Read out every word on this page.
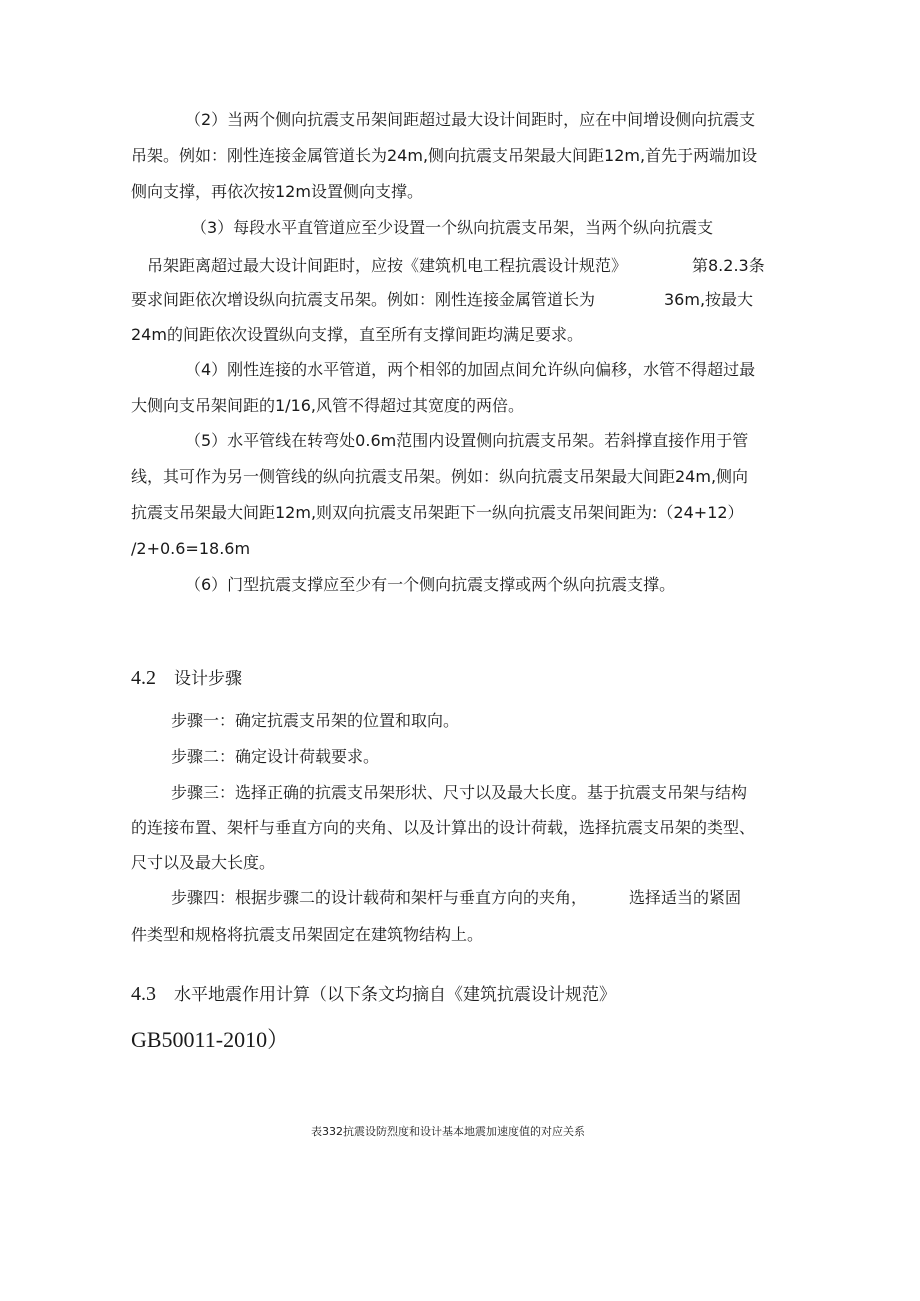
（2）当两个侧向抗震支吊架间距超过最大设计间距时，应在中间增设侧向抗震支
吊架。例如：刚性连接金属管道长为24m,侧向抗震支吊架最大间距12m,首先于两端加设
侧向支撑，再依次按12m设置侧向支撑。
（3）每段水平直管道应至少设置一个纵向抗震支吊架，当两个纵向抗震支
吊架距离超过最大设计间距时，应按《建筑机电工程抗震设计规范》	第8.2.3条
要求间距依次增设纵向抗震支吊架。例如：刚性连接金属管道长为	36m,按最大
24m的间距依次设置纵向支撑，直至所有支撑间距均满足要求。
（4）刚性连接的水平管道，两个相邻的加固点间允许纵向偏移，水管不得超过最
大侧向支吊架间距的1/16,风管不得超过其宽度的两倍。
（5）水平管线在转弯处0.6m范围内设置侧向抗震支吊架。若斜撑直接作用于管
线，其可作为另一侧管线的纵向抗震支吊架。例如：纵向抗震支吊架最大间距24m,侧向
抗震支吊架最大间距12m,则双向抗震支吊架距下一纵向抗震支吊架间距为:（24+12）
/2+0.6=18.6m
（6）门型抗震支撑应至少有一个侧向抗震支撑或两个纵向抗震支撑。
4.2 设计步骤
步骤一：确定抗震支吊架的位置和取向。
步骤二：确定设计荷载要求。
步骤三：选择正确的抗震支吊架形状、尺寸以及最大长度。基于抗震支吊架与结构
的连接布置、架杆与垂直方向的夹角、以及计算出的设计荷载，选择抗震支吊架的类型、
尺寸以及最大长度。
步骤四：根据步骤二的设计载荷和架杆与垂直方向的夹角，	选择适当的紧固
件类型和规格将抗震支吊架固定在建筑物结构上。
4.3 水平地震作用计算（以下条文均摘自《建筑抗震设计规范》
GB50011-2010）
表332抗震设防烈度和设计基本地震加速度值的对应关系
